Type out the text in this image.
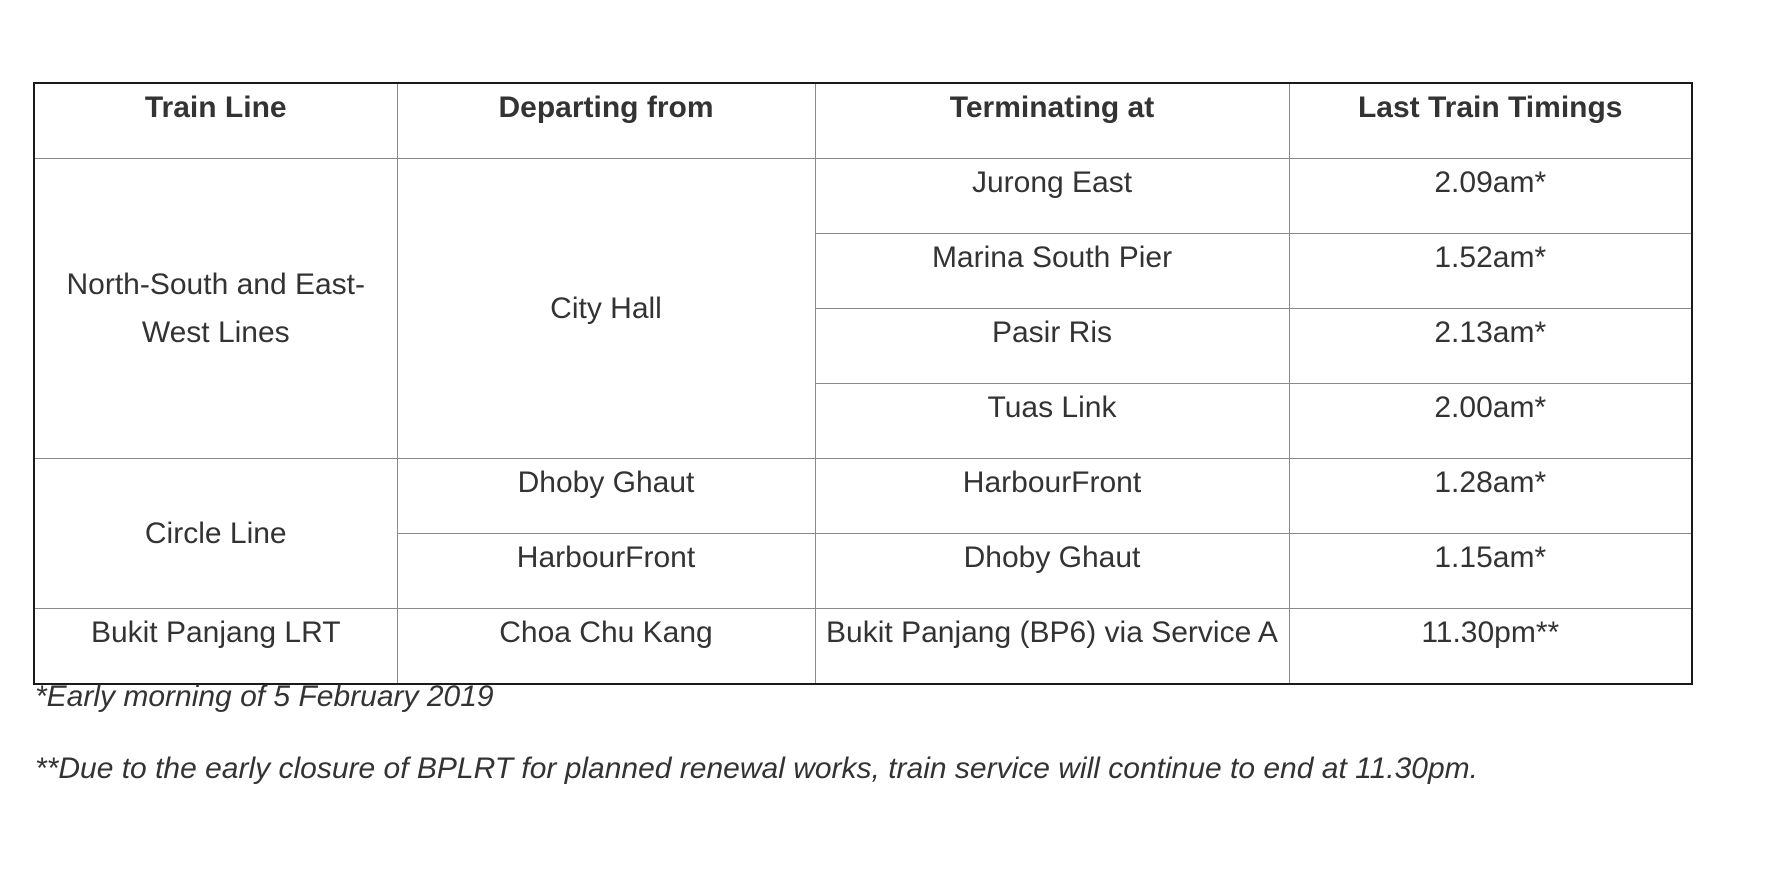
Train Line	Departing from	Terminating at	Last Train Timings
North-South and East-West Lines	City Hall	Jurong East	2.09am*
		Marina South Pier	1.52am*
		Pasir Ris	2.13am*
		Tuas Link	2.00am*
Circle Line	Dhoby Ghaut	HarbourFront	1.28am*
	HarbourFront	Dhoby Ghaut	1.15am*
Bukit Panjang LRT	Choa Chu Kang	Bukit Panjang (BP6) via Service A	11.30pm**
*Early morning of 5 February 2019
**Due to the early closure of BPLRT for planned renewal works, train service will continue to end at 11.30pm.
